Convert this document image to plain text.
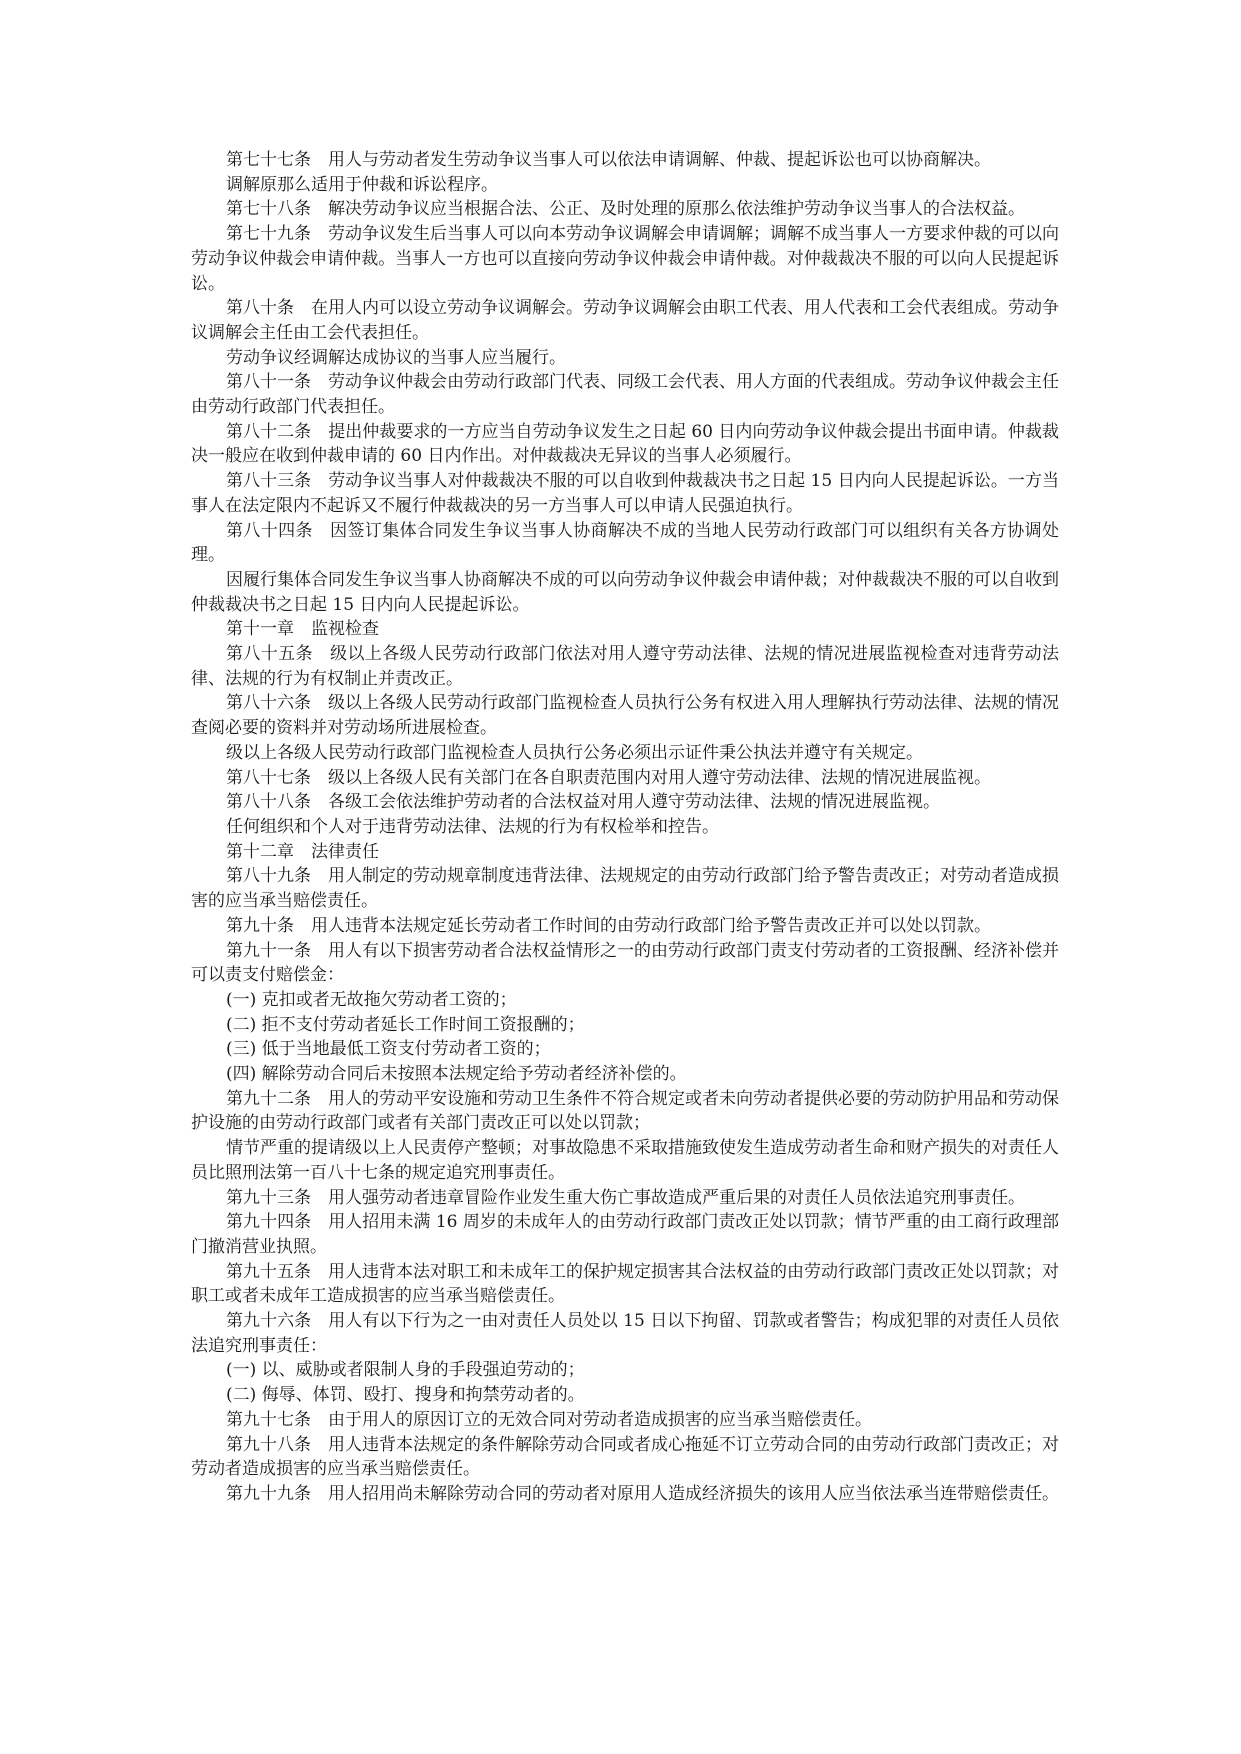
第七十七条　用人与劳动者发生劳动争议当事人可以依法申请调解、仲裁、提起诉讼也可以协商解决。

调解原那么适用于仲裁和诉讼程序。

第七十八条　解决劳动争议应当根据合法、公正、及时处理的原那么依法维护劳动争议当事人的合法权益。

第七十九条　劳动争议发生后当事人可以向本劳动争议调解会申请调解；调解不成当事人一方要求仲裁的可以向劳动争议仲裁会申请仲裁。当事人一方也可以直接向劳动争议仲裁会申请仲裁。对仲裁裁决不服的可以向人民提起诉讼。

第八十条　在用人内可以设立劳动争议调解会。劳动争议调解会由职工代表、用人代表和工会代表组成。劳动争议调解会主任由工会代表担任。

劳动争议经调解达成协议的当事人应当履行。

第八十一条　劳动争议仲裁会由劳动行政部门代表、同级工会代表、用人方面的代表组成。劳动争议仲裁会主任由劳动行政部门代表担任。

第八十二条　提出仲裁要求的一方应当自劳动争议发生之日起 60 日内向劳动争议仲裁会提出书面申请。仲裁裁决一般应在收到仲裁申请的 60 日内作出。对仲裁裁决无异议的当事人必须履行。

第八十三条　劳动争议当事人对仲裁裁决不服的可以自收到仲裁裁决书之日起 15 日内向人民提起诉讼。一方当事人在法定限内不起诉又不履行仲裁裁决的另一方当事人可以申请人民强迫执行。

第八十四条　因签订集体合同发生争议当事人协商解决不成的当地人民劳动行政部门可以组织有关各方协调处理。

因履行集体合同发生争议当事人协商解决不成的可以向劳动争议仲裁会申请仲裁；对仲裁裁决不服的可以自收到仲裁裁决书之日起 15 日内向人民提起诉讼。

第十一章　监视检查

第八十五条　级以上各级人民劳动行政部门依法对用人遵守劳动法律、法规的情况进展监视检查对违背劳动法律、法规的行为有权制止并责改正。

第八十六条　级以上各级人民劳动行政部门监视检查人员执行公务有权进入用人理解执行劳动法律、法规的情况查阅必要的资料并对劳动场所进展检查。

级以上各级人民劳动行政部门监视检查人员执行公务必须出示证件秉公执法并遵守有关规定。

第八十七条　级以上各级人民有关部门在各自职责范围内对用人遵守劳动法律、法规的情况进展监视。

第八十八条　各级工会依法维护劳动者的合法权益对用人遵守劳动法律、法规的情况进展监视。

任何组织和个人对于违背劳动法律、法规的行为有权检举和控告。

第十二章　法律责任

第八十九条　用人制定的劳动规章制度违背法律、法规规定的由劳动行政部门给予警告责改正；对劳动者造成损害的应当承当赔偿责任。

第九十条　用人违背本法规定延长劳动者工作时间的由劳动行政部门给予警告责改正并可以处以罚款。

第九十一条　用人有以下损害劳动者合法权益情形之一的由劳动行政部门责支付劳动者的工资报酬、经济补偿并可以责支付赔偿金：

(一) 克扣或者无故拖欠劳动者工资的；

(二) 拒不支付劳动者延长工作时间工资报酬的；

(三) 低于当地最低工资支付劳动者工资的；

(四) 解除劳动合同后未按照本法规定给予劳动者经济补偿的。

第九十二条　用人的劳动平安设施和劳动卫生条件不符合规定或者未向劳动者提供必要的劳动防护用品和劳动保护设施的由劳动行政部门或者有关部门责改正可以处以罚款；

情节严重的提请级以上人民责停产整顿；对事故隐患不采取措施致使发生造成劳动者生命和财产损失的对责任人员比照刑法第一百八十七条的规定追究刑事责任。

第九十三条　用人强劳动者违章冒险作业发生重大伤亡事故造成严重后果的对责任人员依法追究刑事责任。

第九十四条　用人招用未满 16 周岁的未成年人的由劳动行政部门责改正处以罚款；情节严重的由工商行政理部门撤消营业执照。

第九十五条　用人违背本法对职工和未成年工的保护规定损害其合法权益的由劳动行政部门责改正处以罚款；对职工或者未成年工造成损害的应当承当赔偿责任。

第九十六条　用人有以下行为之一由对责任人员处以 15 日以下拘留、罚款或者警告；构成犯罪的对责任人员依法追究刑事责任：

(一) 以、威胁或者限制人身的手段强迫劳动的；

(二) 侮辱、体罚、殴打、搜身和拘禁劳动者的。

第九十七条　由于用人的原因订立的无效合同对劳动者造成损害的应当承当赔偿责任。

第九十八条　用人违背本法规定的条件解除劳动合同或者成心拖延不订立劳动合同的由劳动行政部门责改正；对劳动者造成损害的应当承当赔偿责任。

第九十九条　用人招用尚未解除劳动合同的劳动者对原用人造成经济损失的该用人应当依法承当连带赔偿责任。
